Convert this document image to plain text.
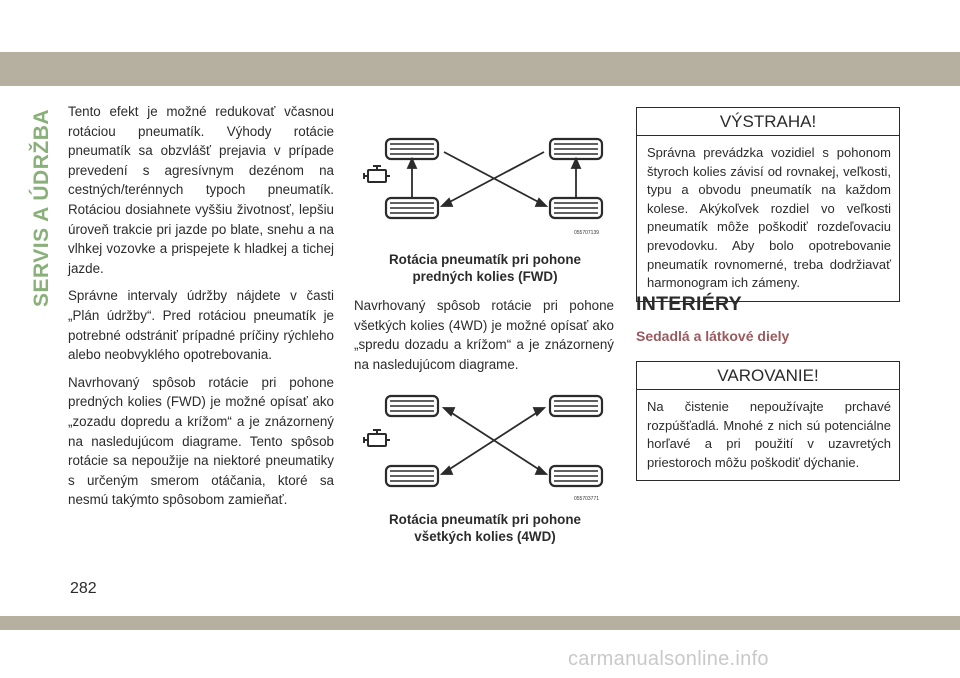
SERVIS A ÚDRŽBA Tento efekt je možné redukovať včasnou rotáciou pneumatík. Výhody rotácie pneumatík sa obzvlášť prejavia v prípade prevedení s agresívnym dezénom na cestných/terénnych typoch pneumatík. Rotáciou dosiahnete vyššiu životnosť, lepšiu úroveň trakcie pri jazde po blate, snehu a na vlhkej vozovke a prispejete k hladkej a tichej jazde.

Správne intervaly údržby nájdete v časti „Plán údržby“. Pred rotáciou pneumatík je potrebné odstrániť prípadné príčiny rýchleho alebo neobvyklého opotrebovania.

Navrhovaný spôsob rotácie pri pohone predných kolies (FWD) je možné opísať ako „zozadu dopredu a krížom“ a je znázornený na nasledujúcom diagrame. Tento spôsob rotácie sa nepoužije na niektoré pneumatiky s určeným smerom otáčania, ktoré sa nesmú takýmto spôsobom zamieňať.

055707139
Rotácia pneumatík pri pohone
predných kolies (FWD)

Navrhovaný spôsob rotácie pri pohone všetkých kolies (4WD) je možné opísať ako „spredu dozadu a krížom“ a je znázornený na nasledujúcom diagrame.

055703771
Rotácia pneumatík pri pohone
všetkých kolies (4WD)
VÝSTRAHA!
Správna prevádzka vozidiel s pohonom štyroch kolies závisí od rovnakej, veľkosti, typu a obvodu pneumatík na každom kolese. Akýkoľvek rozdiel vo veľkosti pneumatík môže poškodiť rozdeľovaciu prevodovku. Aby bolo opotrebovanie pneumatík rovnomerné, treba dodržiavať harmonogram ich zámeny.
INTERIÉRY
Sedadlá a látkové diely
VAROVANIE!
Na čistenie nepoužívajte prchavé rozpúšťadlá. Mnohé z nich sú potenciálne horľavé a pri použití v uzavretých priestoroch môžu poškodiť dýchanie.
282
carmanualsonline.info
